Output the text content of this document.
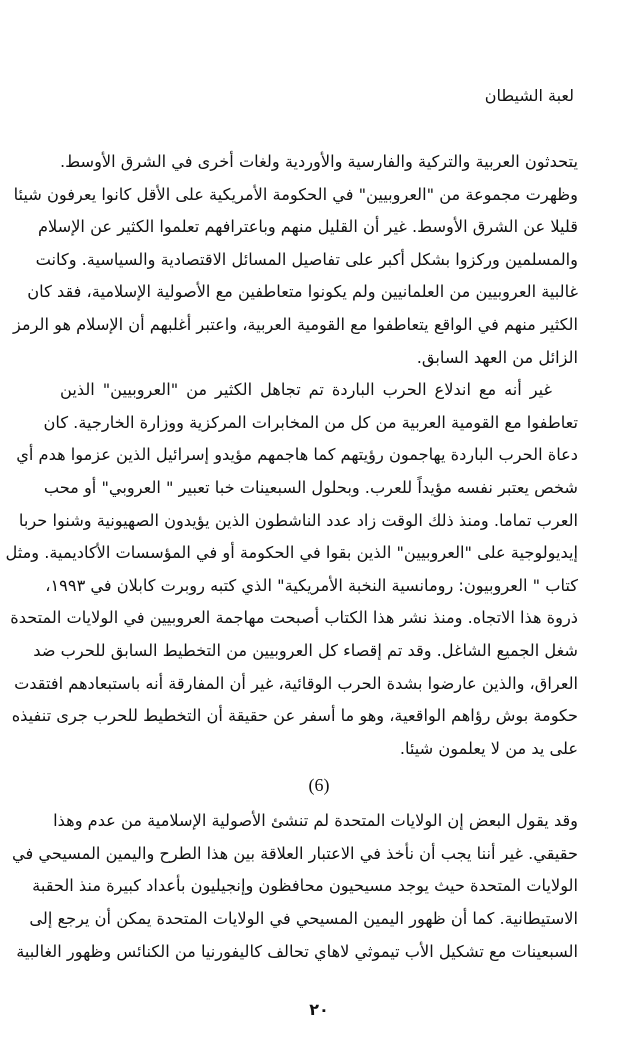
لعبة الشيطان
يتحدثون العربية والتركية والفارسية والأوردية ولغات أخرى في الشرق الأوسط.
وظهرت مجموعة من "العروبيين" في الحكومة الأمريكية على الأقل كانوا يعرفون شيئا
قليلا عن الشرق الأوسط. غير أن القليل منهم وباعترافهم تعلموا الكثير عن الإسلام
والمسلمين وركزوا بشكل أكبر على تفاصيل المسائل الاقتصادية والسياسية. وكانت
غالبية العروبيين من العلمانيين ولم يكونوا متعاطفين مع الأصولية الإسلامية، فقد كان
الكثير منهم في الواقع يتعاطفوا مع القومية العربية، واعتبر أغلبهم أن الإسلام هو الرمز
الزائل من العهد السابق.
غير أنه مع اندلاع الحرب الباردة تم تجاهل الكثير من "العروبيين" الذين
تعاطفوا مع القومية العربية من كل من المخابرات المركزية ووزارة الخارجية. كان
دعاة الحرب الباردة يهاجمون رؤيتهم كما هاجمهم مؤيدو إسرائيل الذين عزموا هدم أي
شخص يعتبر نفسه مؤيداً للعرب. وبحلول السبعينات خبا تعبير " العروبي" أو محب
العرب تماما. ومنذ ذلك الوقت زاد عدد الناشطون الذين يؤيدون الصهيونية وشنوا حربا
إيديولوجية على "العروبيين" الذين بقوا في الحكومة أو في المؤسسات الأكاديمية. ومثل
كتاب " العروبيون: رومانسية النخبة الأمريكية" الذي كتبه روبرت كابلان في ١٩٩٣،
ذروة هذا الاتجاه. ومنذ نشر هذا الكتاب أصبحت مهاجمة العروبيين في الولايات المتحدة
شغل الجميع الشاغل. وقد تم إقصاء كل العروبيين من التخطيط السابق للحرب ضد
العراق، والذين عارضوا بشدة الحرب الوقائية، غير أن المفارقة أنه باستبعادهم افتقدت
حكومة بوش رؤاهم الواقعية، وهو ما أسفر عن حقيقة أن التخطيط للحرب جرى تنفيذه
على يد من لا يعلمون شيئا.
(6)
وقد يقول البعض إن الولايات المتحدة لم تنشئ الأصولية الإسلامية من عدم وهذا
حقيقي. غير أننا يجب أن نأخذ في الاعتبار العلاقة بين هذا الطرح واليمين المسيحي في
الولايات المتحدة حيث يوجد مسيحيون محافظون وإنجيليون بأعداد كبيرة منذ الحقبة
الاستيطانية. كما أن ظهور اليمين المسيحي في الولايات المتحدة يمكن أن يرجع إلى
السبعينات مع تشكيل الأب تيموثي لاهاي تحالف كاليفورنيا من الكنائس وظهور الغالبية
٢٠
